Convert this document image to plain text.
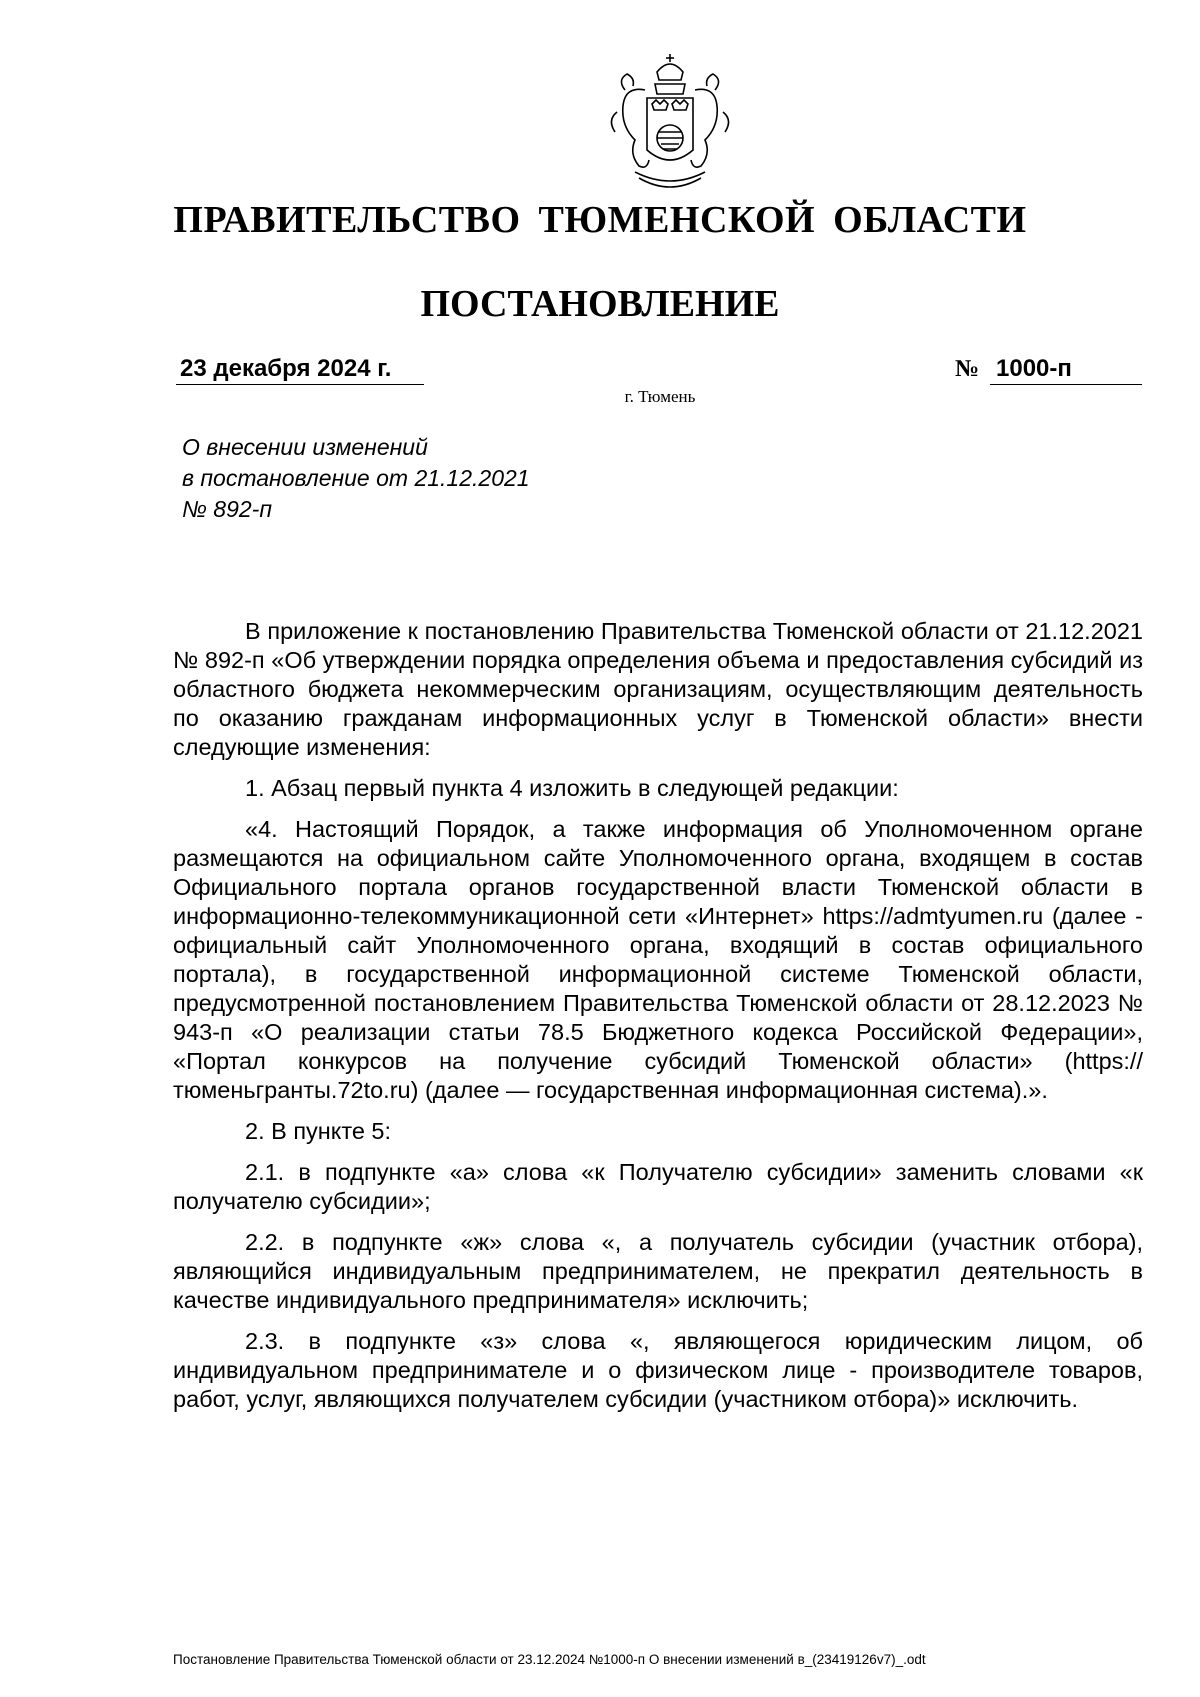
ПРАВИТЕЛЬСТВО ТЮМЕНСКОЙ ОБЛАСТИ
ПОСТАНОВЛЕНИЕ
23 декабря 2024 г.	№ 1000-п
г. Тюмень
О внесении изменений
в постановление от 21.12.2021
№ 892-п

В приложение к постановлению Правительства Тюменской области от 21.12.2021 № 892-п «Об утверждении порядка определения объема и предоставления субсидий из областного бюджета некоммерческим организациям, осуществляющим деятельность по оказанию гражданам информационных услуг в Тюменской области» внести следующие изменения:

1. Абзац первый пункта 4 изложить в следующей редакции:

«4. Настоящий Порядок, а также информация об Уполномоченном органе размещаются на официальном сайте Уполномоченного органа, входящем в состав Официального портала органов государственной власти Тюменской области в информационно-телекоммуникационной сети «Интернет» https://admtyumen.ru (далее - официальный сайт Уполномоченного органа, входящий в состав официального портала), в государственной информационной системе Тюменской области, предусмотренной постановлением Правительства Тюменской области от 28.12.2023 № 943-п «О реализации статьи 78.5 Бюджетного кодекса Российской Федерации», «Портал конкурсов на получение субсидий Тюменской области» (https://тюменьгранты.72to.ru) (далее — государственная информационная система).».

2. В пункте 5:

2.1. в подпункте «а» слова «к Получателю субсидии» заменить словами «к получателю субсидии»;

2.2. в подпункте «ж» слова «, а получатель субсидии (участник отбора), являющийся индивидуальным предпринимателем, не прекратил деятельность в качестве индивидуального предпринимателя» исключить;

2.3. в подпункте «з» слова «, являющегося юридическим лицом, об индивидуальном предпринимателе и о физическом лице - производителе товаров, работ, услуг, являющихся получателем субсидии (участником отбора)» исключить.

Постановление Правительства Тюменской области от 23.12.2024 №1000-п О внесении изменений в_(23419126v7)_.odt
